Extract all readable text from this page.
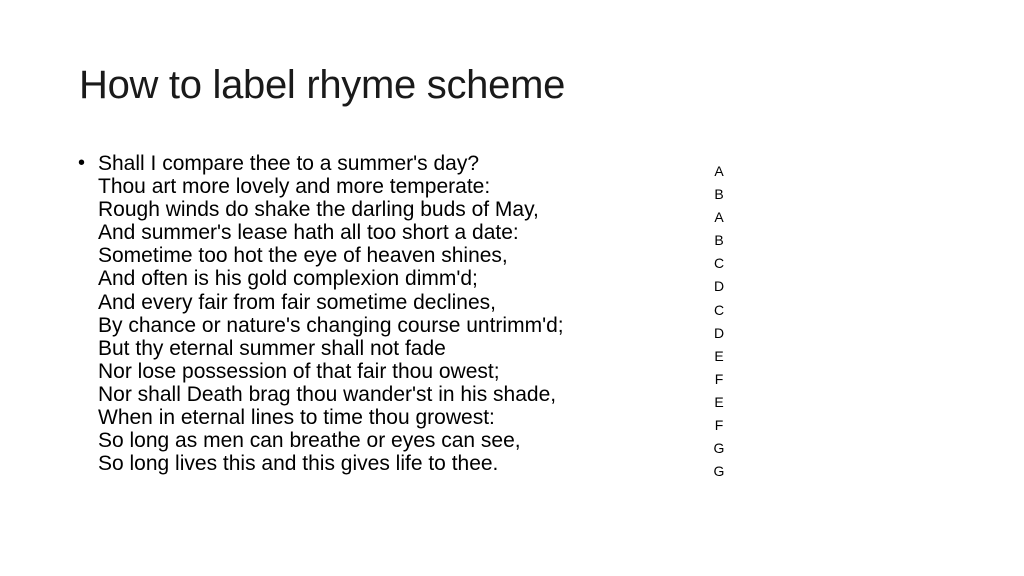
How to label rhyme scheme
• Shall I compare thee to a summer's day?
Thou art more lovely and more temperate:
Rough winds do shake the darling buds of May,
And summer's lease hath all too short a date:
Sometime too hot the eye of heaven shines,
And often is his gold complexion dimm'd;
And every fair from fair sometime declines,
By chance or nature's changing course untrimm'd;
But thy eternal summer shall not fade
Nor lose possession of that fair thou owest;
Nor shall Death brag thou wander'st in his shade,
When in eternal lines to time thou growest:
So long as men can breathe or eyes can see,
So long lives this and this gives life to thee.
A
B
A
B
C
D
C
D
E
F
E
F
G
G
